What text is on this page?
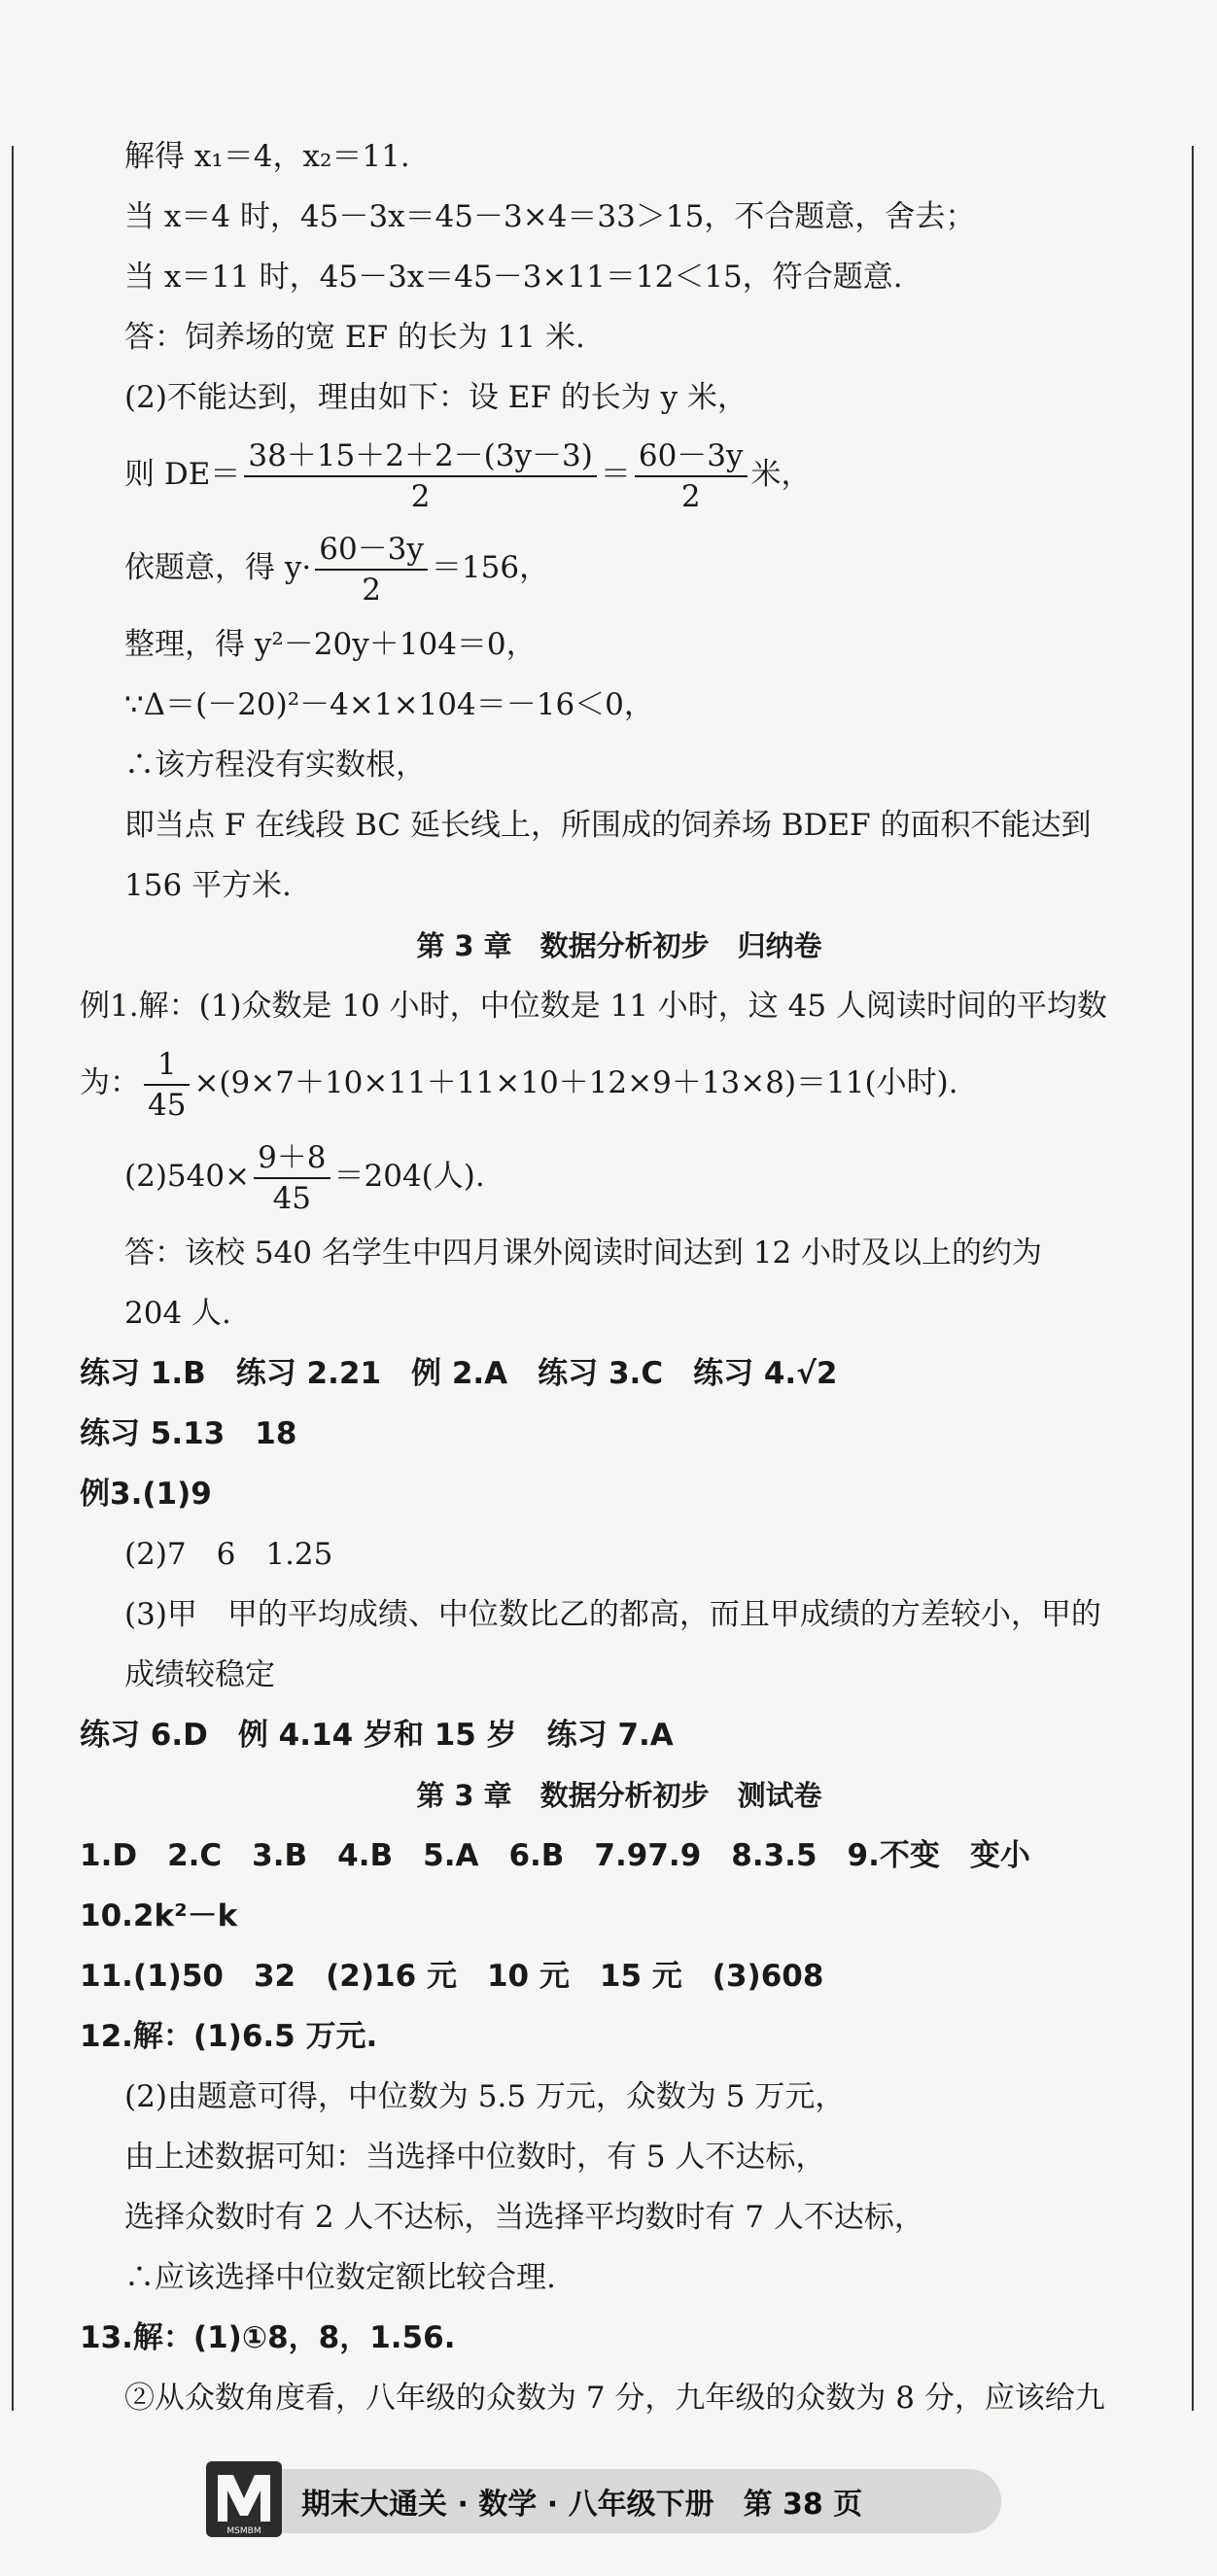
解得 x₁＝4，x₂＝11.
当 x＝4 时，45－3x＝45－3×4＝33＞15，不合题意，舍去；
当 x＝11 时，45－3x＝45－3×11＝12＜15，符合题意.
答：饲养场的宽 EF 的长为 11 米.
(2)不能达到，理由如下：设 EF 的长为 y 米，
则 $DE= \frac{38+15+2+2-(3y-3)}{2} = \frac{60-3y}{2}$ 米，
依题意，得 $y\cdot \frac{60-3y}{2} =156$，
整理，得 y²－20y＋104＝0，
∵Δ＝(－20)²－4×1×104＝－16＜0，
∴该方程没有实数根，
即当点 F 在线段 BC 延长线上，所围成的饲养场 BDEF 的面积不能达到
156 平方米.
第 3 章　数据分析初步　归纳卷
例1.解：(1)众数是 10 小时，中位数是 11 小时，这 45 人阅读时间的平均数
为： $\frac{1}{45} \times(9\times 7+10\times 11+11\times 10+12\times 9+13\times 8)=11$(小时).
$(2)540\times \frac{9+8}{45} =204$(人).
答：该校 540 名学生中四月课外阅读时间达到 12 小时及以上的约为
204 人.
练习 1.B　练习 2.21　例 2.A　练习 3.C　练习 4.√2
练习 5.13　18
例3.(1)9
(2)7　6　1.25
(3)甲　甲的平均成绩、中位数比乙的都高，而且甲成绩的方差较小，甲的
成绩较稳定
练习 6.D　例 4.14 岁和 15 岁　练习 7.A
第 3 章　数据分析初步　测试卷
1.D　2.C　3.B　4.B　5.A　6.B　7.97.9　8.3.5　9.不变　变小
10.2k²－k
11.(1)50　32　(2)16 元　10 元　15 元　(3)608
12.解：(1)6.5 万元.
(2)由题意可得，中位数为 5.5 万元，众数为 5 万元，
由上述数据可知：当选择中位数时，有 5 人不达标，
选择众数时有 2 人不达标，当选择平均数时有 7 人不达标，
∴应该选择中位数定额比较合理.
13.解：(1)①8，8，1.56.
②从众数角度看，八年级的众数为 7 分，九年级的众数为 8 分，应该给九
期末大通关 · 数学 · 八年级下册　第 38 页
MSMBM
